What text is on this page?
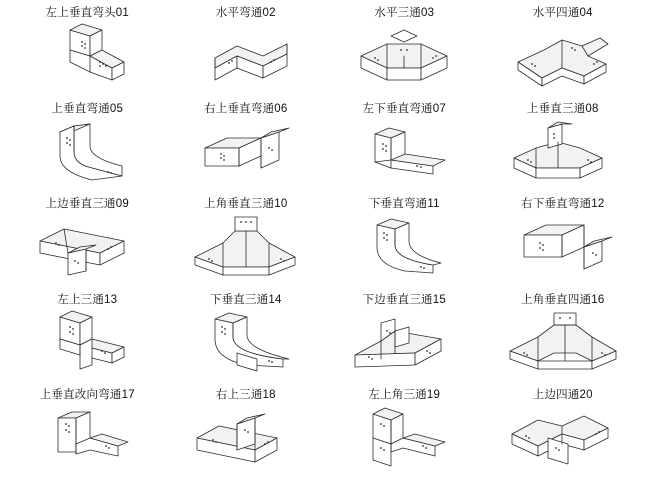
左上垂直弯头01	水平弯通02	水平三通03	水平四通04
上垂直弯通05	右上垂直弯通06	左下垂直弯通07	上垂直三通08
上边垂直三通09	上角垂直三通10	下垂直弯通11	右下垂直弯通12
左上三通13	下垂直三通14	下边垂直三通15	上角垂直四通16
上垂直改向弯通17	右上三通18	左上角三通19	上边四通20
